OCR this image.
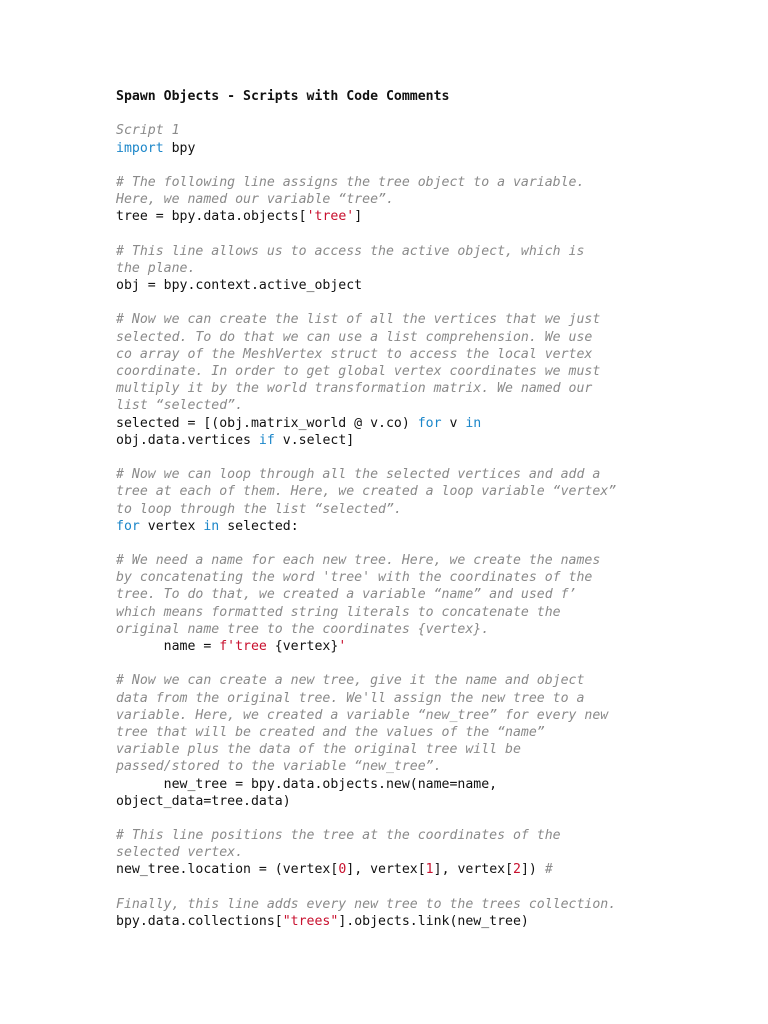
Spawn Objects - Scripts with Code Comments
Script 1
import bpy
# The following line assigns the tree object to a variable.
Here, we named our variable “tree”.
tree = bpy.data.objects['tree']
# This line allows us to access the active object, which is
the plane.
obj = bpy.context.active_object
# Now we can create the list of all the vertices that we just
selected. To do that we can use a list comprehension. We use
co array of the MeshVertex struct to access the local vertex
coordinate. In order to get global vertex coordinates we must
multiply it by the world transformation matrix. We named our
list “selected”.
selected = [(obj.matrix_world @ v.co) for v in
obj.data.vertices if v.select]
# Now we can loop through all the selected vertices and add a
tree at each of them. Here, we created a loop variable “vertex”
to loop through the list “selected”.
for vertex in selected:
# We need a name for each new tree. Here, we create the names
by concatenating the word 'tree' with the coordinates of the
tree. To do that, we created a variable “name” and used f’
which means formatted string literals to concatenate the
original name tree to the coordinates {vertex}.
name = f'tree {vertex}'
# Now we can create a new tree, give it the name and object
data from the original tree. We'll assign the new tree to a
variable. Here, we created a variable “new_tree” for every new
tree that will be created and the values of the “name”
variable plus the data of the original tree will be
passed/stored to the variable “new_tree”.
new_tree = bpy.data.objects.new(name=name,
object_data=tree.data)
# This line positions the tree at the coordinates of the
selected vertex.
new_tree.location = (vertex[0], vertex[1], vertex[2]) #
Finally, this line adds every new tree to the trees collection.
bpy.data.collections["trees"].objects.link(new_tree)
